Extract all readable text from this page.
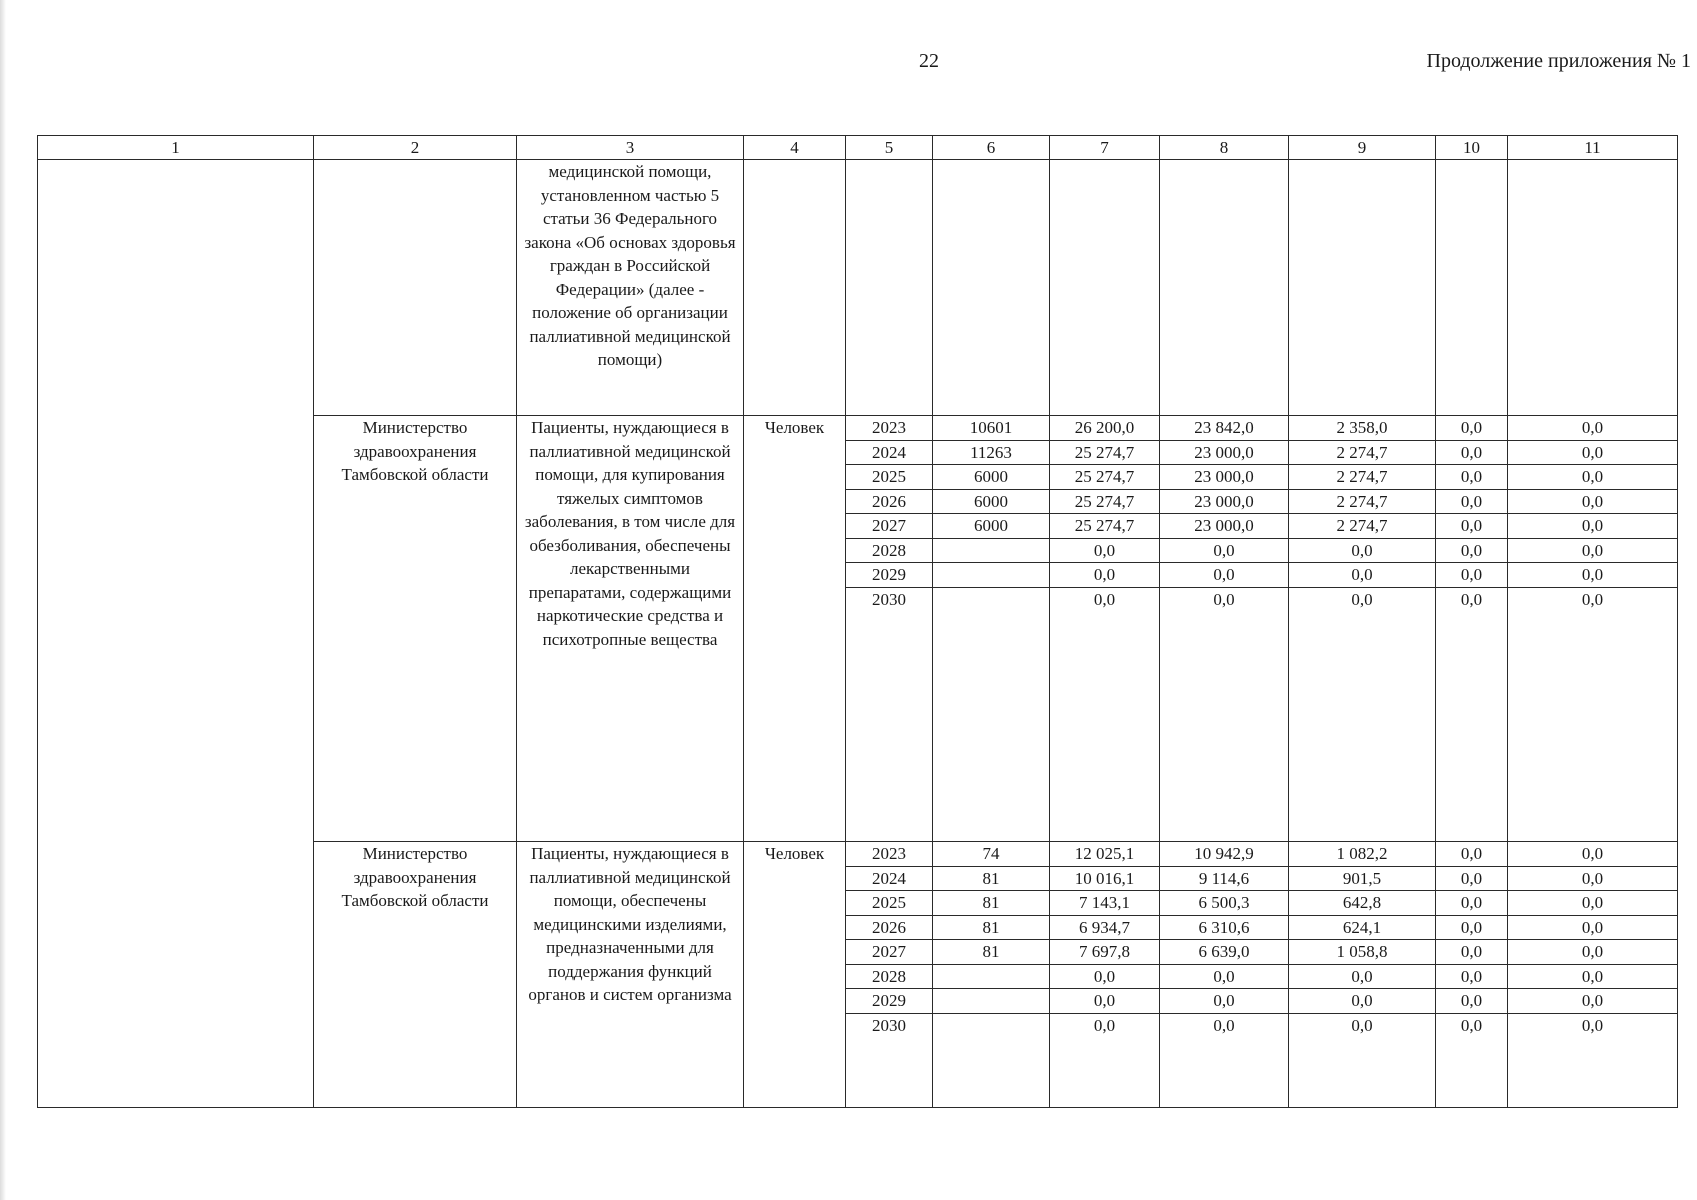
22	Продолжение приложения № 1
1	2	3	4	5	6	7	8	9	10	11
		медицинской помощи, установленном частью 5 статьи 36 Федерального закона «Об основах здоровья граждан в Российской Федерации» (далее - положение об организации паллиативной медицинской помощи)								
	Министерство здравоохранения Тамбовской области	Пациенты, нуждающиеся в паллиативной медицинской помощи, для купирования тяжелых симптомов заболевания, в том числе для обезболивания, обеспечены лекарственными препаратами, содержащими наркотические средства и психотропные вещества	Человек	2023	10601	26 200,0	23 842,0	2 358,0	0,0	0,0
				2024	11263	25 274,7	23 000,0	2 274,7	0,0	0,0
				2025	6000	25 274,7	23 000,0	2 274,7	0,0	0,0
				2026	6000	25 274,7	23 000,0	2 274,7	0,0	0,0
				2027	6000	25 274,7	23 000,0	2 274,7	0,0	0,0
				2028		0,0	0,0	0,0	0,0	0,0
				2029		0,0	0,0	0,0	0,0	0,0
				2030		0,0	0,0	0,0	0,0	0,0

	Министерство здравоохранения Тамбовской области	Пациенты, нуждающиеся в паллиативной медицинской помощи, обеспечены медицинскими изделиями, предназначенными для поддержания функций органов и систем организма	Человек	2023	74	12 025,1	10 942,9	1 082,2	0,0	0,0
				2024	81	10 016,1	9 114,6	901,5	0,0	0,0
				2025	81	7 143,1	6 500,3	642,8	0,0	0,0
				2026	81	6 934,7	6 310,6	624,1	0,0	0,0
				2027	81	7 697,8	6 639,0	1 058,8	0,0	0,0
				2028		0,0	0,0	0,0	0,0	0,0
				2029		0,0	0,0	0,0	0,0	0,0
				2030		0,0	0,0	0,0	0,0	0,0
